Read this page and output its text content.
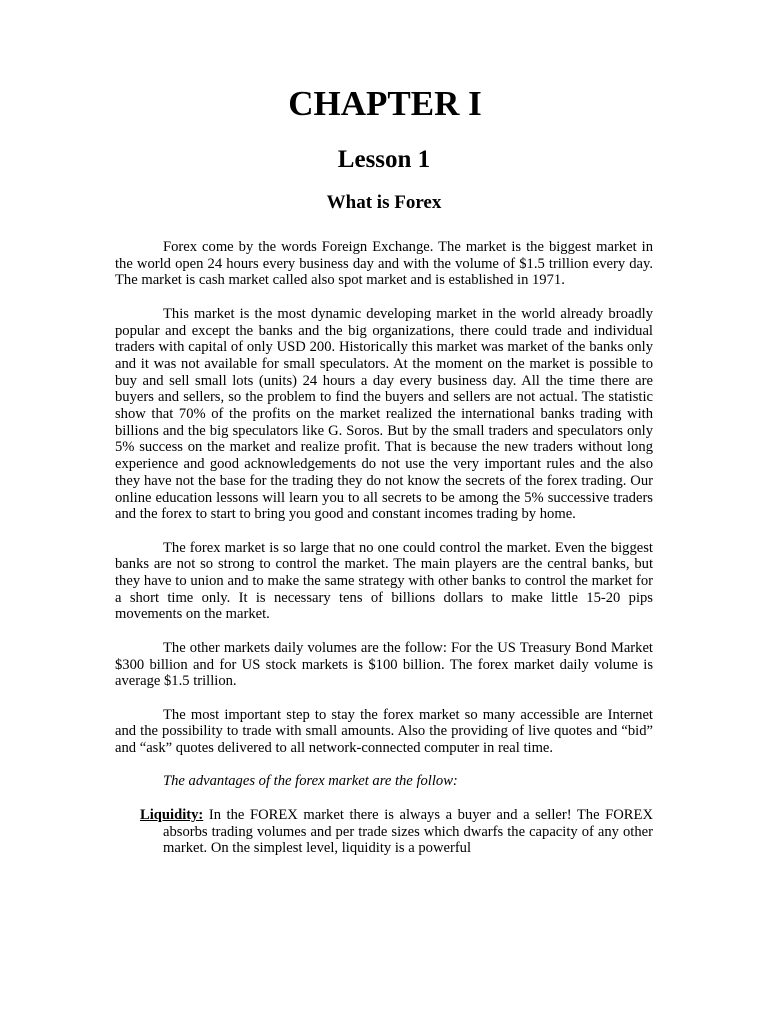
CHAPTER I
Lesson 1
What is Forex

Forex come by the words Foreign Exchange. The market is the biggest market in the world open 24 hours every business day and with the volume of $1.5 trillion every day. The market is cash market called also spot market and is established in 1971.

This market is the most dynamic developing market in the world already broadly popular and except the banks and the big organizations, there could trade and individual traders with capital of only USD 200. Historically this market was market of the banks only and it was not available for small speculators. At the moment on the market is possible to buy and sell small lots (units) 24 hours a day every business day. All the time there are buyers and sellers, so the problem to find the buyers and sellers are not actual. The statistic show that 70% of the profits on the market realized the international banks trading with billions and the big speculators like G. Soros. But by the small traders and speculators only 5% success on the market and realize profit. That is because the new traders without long experience and good acknowledgements do not use the very important rules and the also they have not the base for the trading they do not know the secrets of the forex trading. Our online education lessons will learn you to all secrets to be among the 5% successive traders and the forex to start to bring you good and constant incomes trading by home.

The forex market is so large that no one could control the market. Even the biggest banks are not so strong to control the market. The main players are the central banks, but they have to union and to make the same strategy with other banks to control the market for a short time only. It is necessary tens of billions dollars to make little 15-20 pips movements on the market.

The other markets daily volumes are the follow: For the US Treasury Bond Market $300 billion and for US stock markets is $100 billion. The forex market daily volume is average $1.5 trillion.

The most important step to stay the forex market so many accessible are Internet and the possibility to trade with small amounts. Also the providing of live quotes and “bid” and “ask” quotes delivered to all network-connected computer in real time.

The advantages of the forex market are the follow:

Liquidity: In the FOREX market there is always a buyer and a seller! The FOREX absorbs trading volumes and per trade sizes which dwarfs the capacity of any other market. On the simplest level, liquidity is a powerful
